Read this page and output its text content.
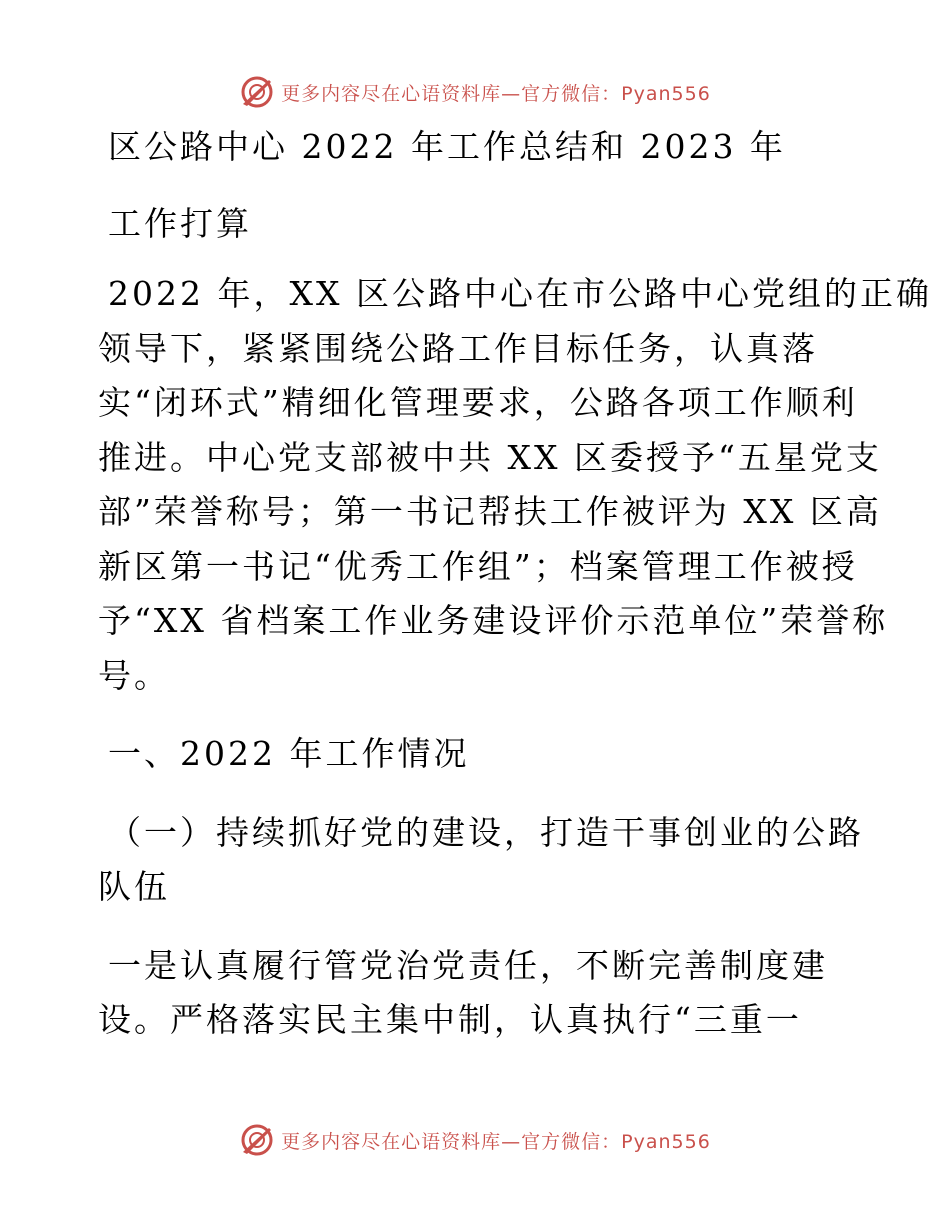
更多内容尽在心语资料库—官方微信：Pyan556
区公路中心 2022 年工作总结和 2023 年
工作打算
2022 年，XX 区公路中心在市公路中心党组的正确
领导下，紧紧围绕公路工作目标任务，认真落
实“闭环式”精细化管理要求，公路各项工作顺利
推进。中心党支部被中共 XX 区委授予“五星党支
部”荣誉称号；第一书记帮扶工作被评为 XX 区高
新区第一书记“优秀工作组”；档案管理工作被授
予“XX 省档案工作业务建设评价示范单位”荣誉称
号。
一、2022 年工作情况
（一）持续抓好党的建设，打造干事创业的公路
队伍
一是认真履行管党治党责任，不断完善制度建
设。严格落实民主集中制，认真执行“三重一
更多内容尽在心语资料库—官方微信：Pyan556
